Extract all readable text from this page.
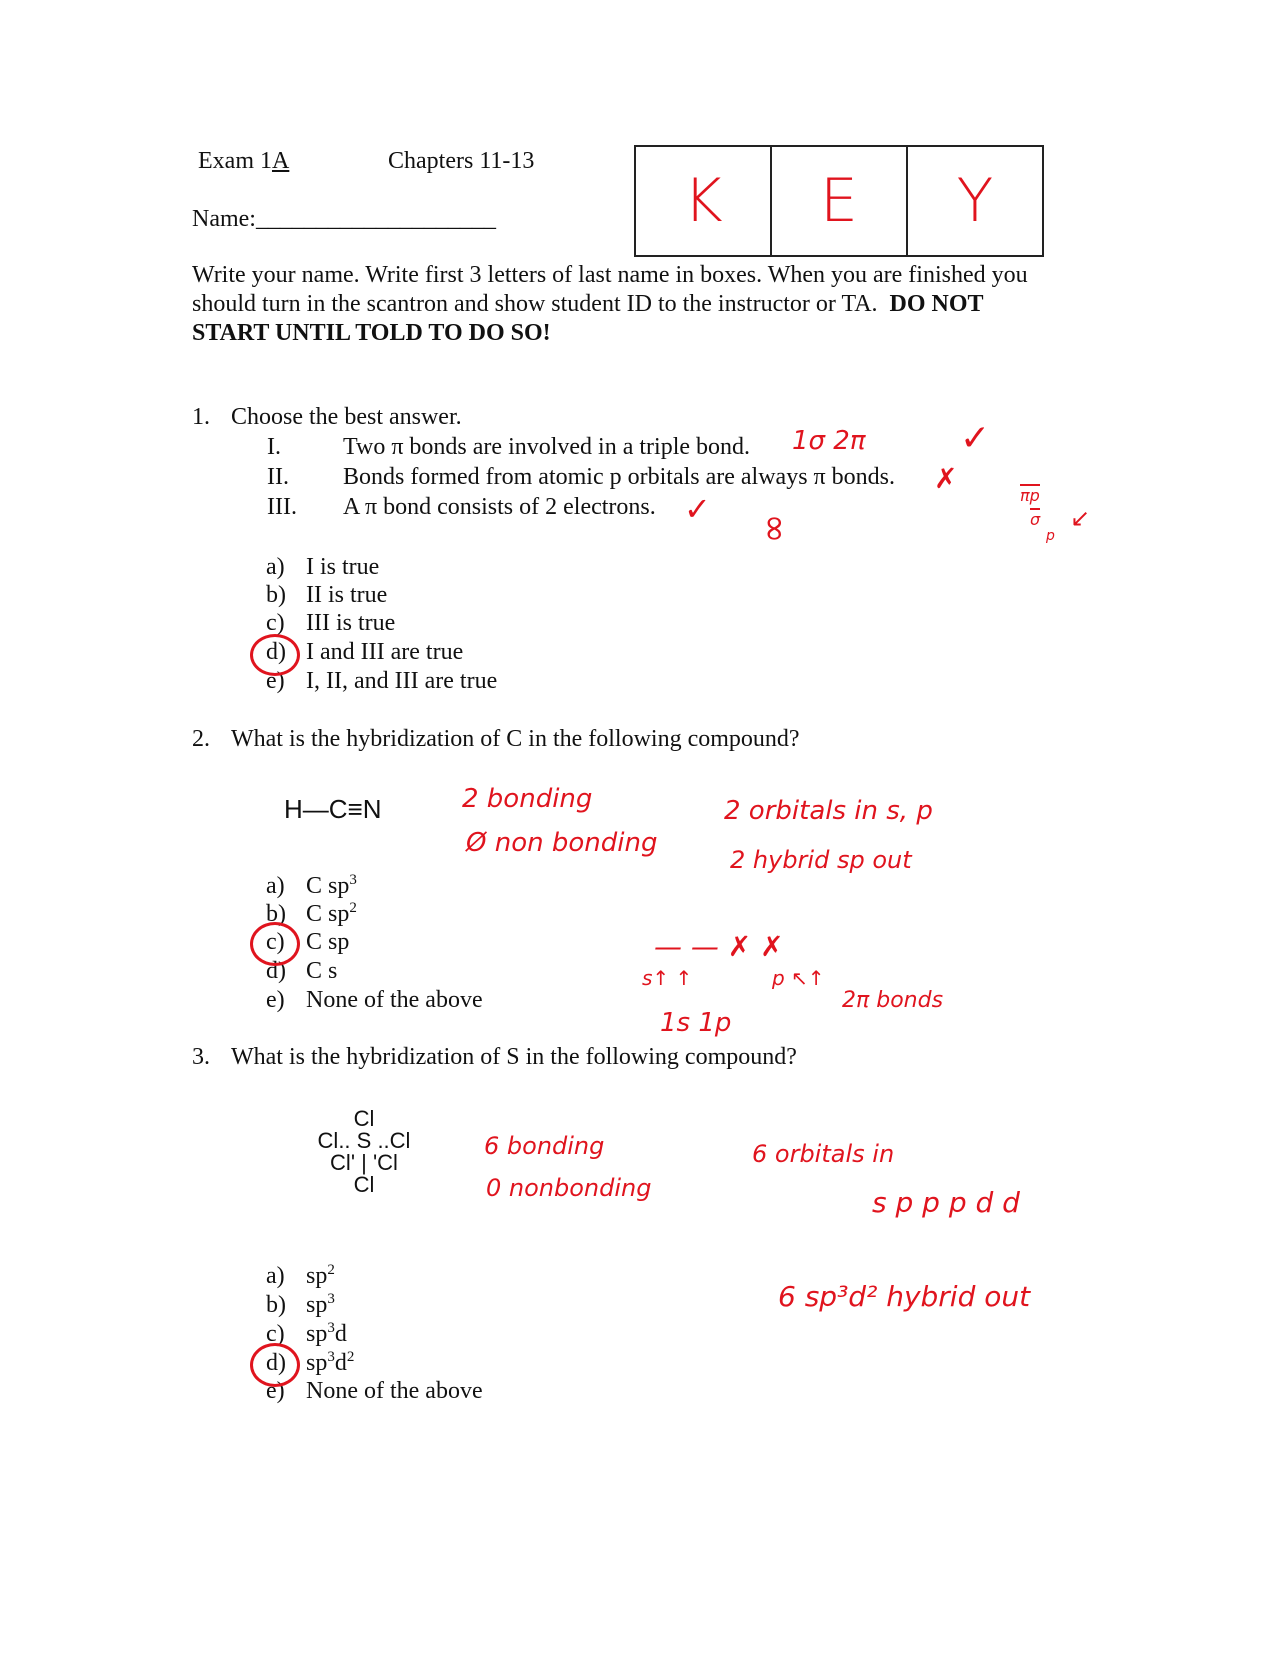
Exam 1A	Chapters 11-13
Name:____________________	K	E	Y
Write your name. Write first 3 letters of last name in boxes. When you are finished you
should turn in the scantron and show student ID to the instructor or TA. DO NOT
START UNTIL TOLD TO DO SO!
1. Choose the best answer.
I.	Two π bonds are involved in a triple bond.
II. Bonds formed from atomic p orbitals are always π bonds.
III. A π bond consists of 2 electrons.
1σ 2π	✓
✗
✓
∞
πp
σ
p
↙
a) I is true
b) II is true
c) III is true
d) I and III are true
e) I, II, and III are true
2. What is the hybridization of C in the following compound?
H—C≡N	2 bonding
Ø non bonding
2 orbitals in s, p
2 hybrid sp out
— — ✗ ✗
s↑ ↑	p ↖↑
1s 1p
2π bonds
a) C $sp^3$
b) C $sp^2$
c) C sp
d) C s
e) None of the above
3. What is the hybridization of S in the following compound?
Cl
Cl.. S ..Cl
Cl' | 'Cl
Cl
6 bonding
0 nonbonding
6 orbitals in
s p p p d d
6 sp³d² hybrid out
a) $sp^2$
b) $sp^3$
c) $sp^3d$
d) $sp^3d^2$
e) None of the above
